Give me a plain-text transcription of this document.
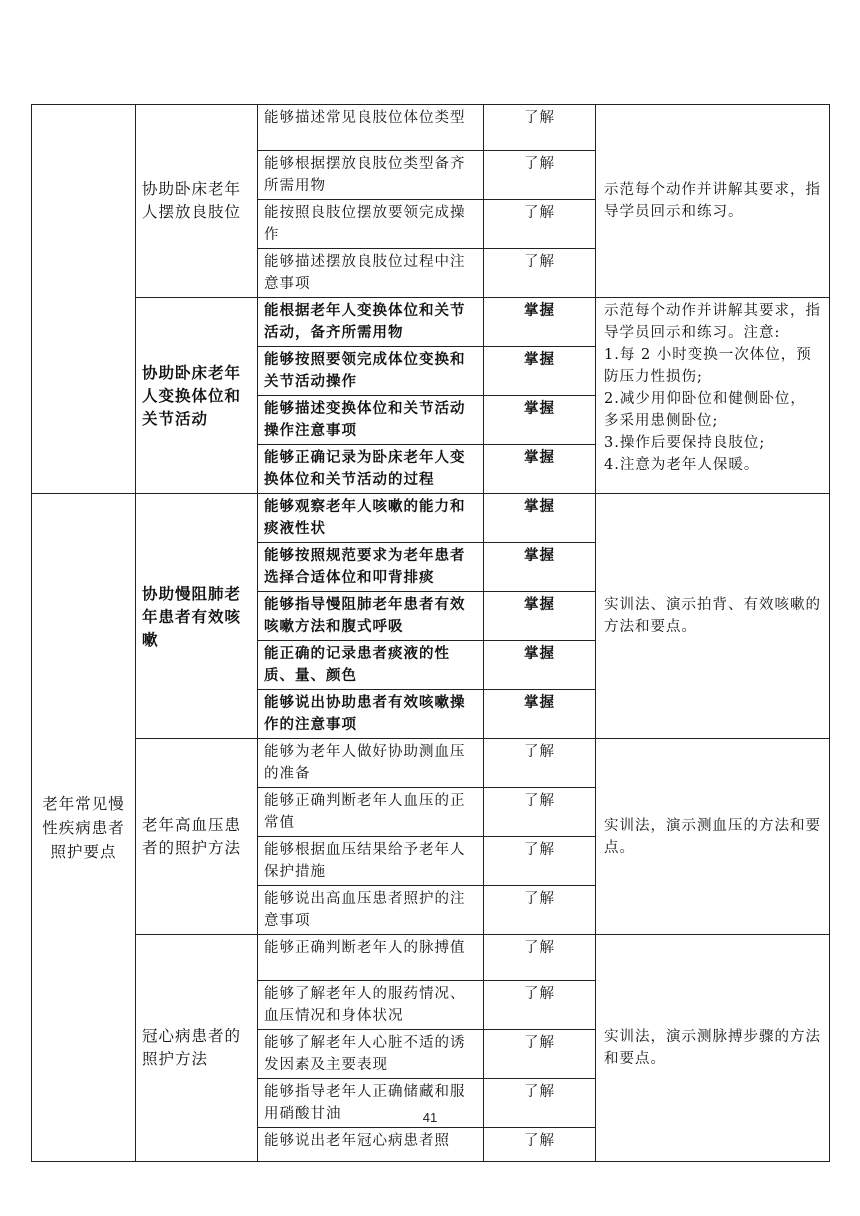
	协助卧床老年人摆放良肢位	能够描述常见良肢位体位类型	了解	示范每个动作并讲解其要求，指导学员回示和练习。
		能够根据摆放良肢位类型备齐所需用物	了解	
		能按照良肢位摆放要领完成操作	了解	
		能够描述摆放良肢位过程中注意事项	了解	
	协助卧床老年人变换体位和关节活动	能根据老年人变换体位和关节活动，备齐所需用物	掌握	示范每个动作并讲解其要求，指导学员回示和练习。注意:
1.每 2 小时变换一次体位，预防压力性损伤;
2.减少用仰卧位和健侧卧位，多采用患侧卧位;
3.操作后要保持良肢位;
4.注意为老年人保暖。
		能够按照要领完成体位变换和关节活动操作	掌握	
		能够描述变换体位和关节活动操作注意事项	掌握	
		能够正确记录为卧床老年人变换体位和关节活动的过程	掌握	
老年常见慢性疾病患者照护要点	协助慢阻肺老年患者有效咳嗽	能够观察老年人咳嗽的能力和痰液性状	掌握	实训法、演示拍背、有效咳嗽的方法和要点。
		能够按照规范要求为老年患者选择合适体位和叩背排痰	掌握	
		能够指导慢阻肺老年患者有效咳嗽方法和腹式呼吸	掌握	
		能正确的记录患者痰液的性质、量、颜色	掌握	
		能够说出协助患者有效咳嗽操作的注意事项	掌握	
	老年高血压患者的照护方法	能够为老年人做好协助测血压的准备	了解	实训法，演示测血压的方法和要点。
		能够正确判断老年人血压的正常值	了解	
		能够根据血压结果给予老年人保护措施	了解	
		能够说出高血压患者照护的注意事项	了解	
	冠心病患者的照护方法	能够正确判断老年人的脉搏值	了解	实训法，演示测脉搏步骤的方法和要点。
		能够了解老年人的服药情况、血压情况和身体状况	了解	
		能够了解老年人心脏不适的诱发因素及主要表现	了解	
		能够指导老年人正确储藏和服用硝酸甘油	了解	
		能够说出老年冠心病患者照	了解	
41
